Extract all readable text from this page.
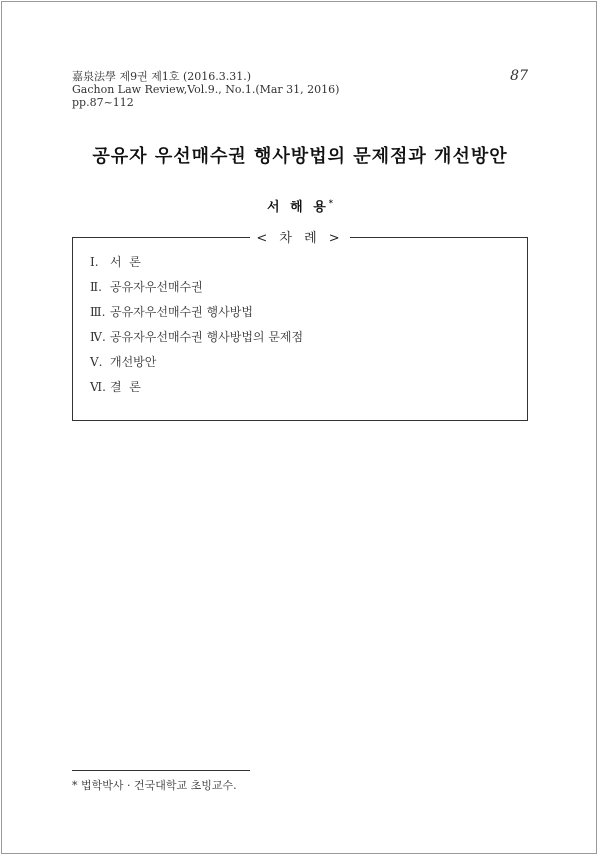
嘉泉法學 제9권 제1호 (2016.3.31.)
Gachon Law Review,Vol.9., No.1.(Mar 31, 2016)
pp.87~112
87
공유자 우선매수권 행사방법의 문제점과 개선방안
서 해 용*
< 차 례 >
Ⅰ. 서  론
Ⅱ. 공유자우선매수권
Ⅲ. 공유자우선매수권 행사방법
Ⅳ. 공유자우선매수권 행사방법의 문제점
Ⅴ. 개선방안
Ⅵ. 결  론
* 법학박사 · 건국대학교 초빙교수.
